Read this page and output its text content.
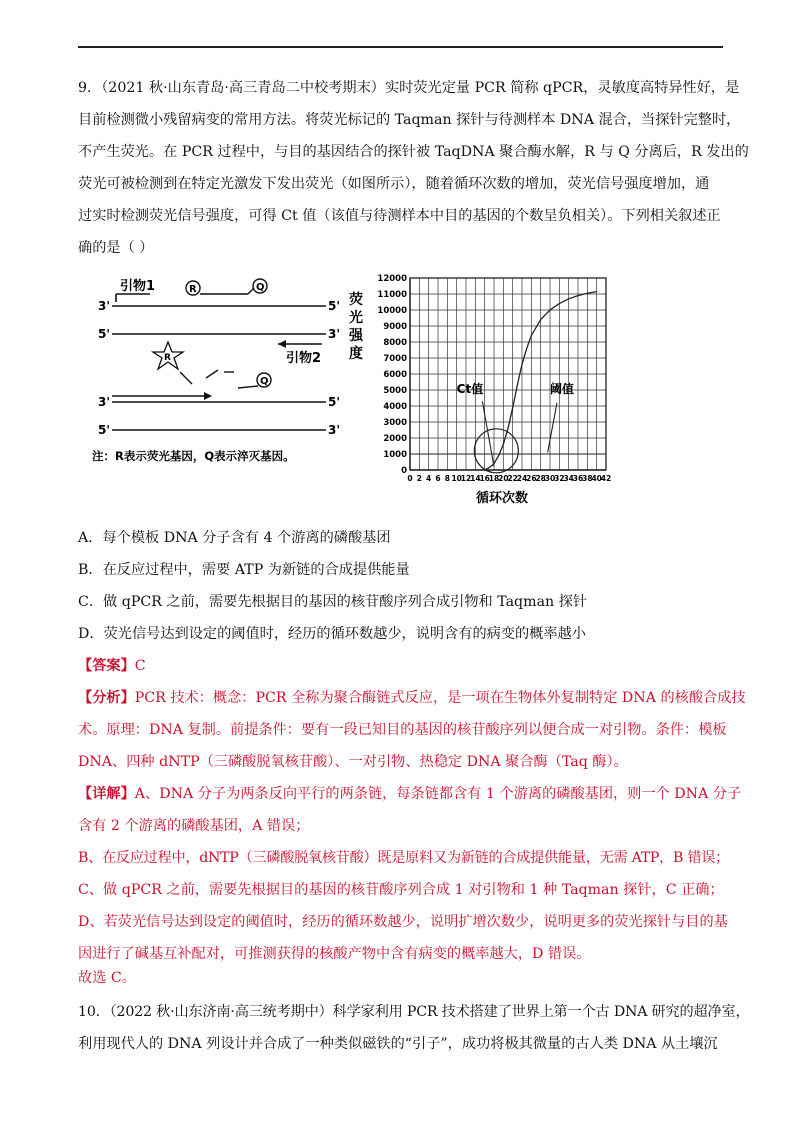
9．（2021 秋·山东青岛·高三青岛二中校考期末）实时荧光定量 PCR 简称 qPCR，灵敏度高特异性好，是
目前检测微小残留病变的常用方法。将荧光标记的 Taqman 探针与待测样本 DNA 混合，当探针完整时，
不产生荧光。在 PCR 过程中，与目的基因结合的探针被 TaqDNA 聚合酶水解，R 与 Q 分离后，R 发出的
荧光可被检测到在特定光激发下发出荧光（如图所示），随着循环次数的增加，荧光信号强度增加，通
过实时检测荧光信号强度，可得 Ct 值（该值与待测样本中目的基因的个数呈负相关）。下列相关叙述正
确的是（ ）
引物1	R	Q
3'	5'
5'	3'
引物2
R
Q
3'	5'
5'	3'
注：R表示荧光基因，Q表示淬灭基因。
荧
光
强
度
0
1000
2000
3000
4000
5000
6000
7000
8000
9000
10000
11000
12000
0 2 4 6 8 10
12
14
16
18
20
22
24
26
28
30
32
34
36
38
40
42
Ct值	阈值
循环次数
A．每个模板 DNA 分子含有 4 个游离的磷酸基团
B．在反应过程中，需要 ATP 为新链的合成提供能量
C．做 qPCR 之前，需要先根据目的基因的核苷酸序列合成引物和 Taqman 探针
D．荧光信号达到设定的阈值时，经历的循环数越少，说明含有的病变的概率越小
【答案】C
【分析】PCR 技术：概念：PCR 全称为聚合酶链式反应，是一项在生物体外复制特定 DNA 的核酸合成技
术。原理：DNA 复制。前提条件：要有一段已知目的基因的核苷酸序列以便合成一对引物。条件：模板
DNA、四种 dNTP（三磷酸脱氧核苷酸）、一对引物、热稳定 DNA 聚合酶（Taq 酶）。
【详解】A、DNA 分子为两条反向平行的两条链，每条链都含有 1 个游离的磷酸基团，则一个 DNA 分子
含有 2 个游离的磷酸基团，A 错误；
B、在反应过程中，dNTP（三磷酸脱氧核苷酸）既是原料又为新链的合成提供能量，无需 ATP，B 错误；
C、做 qPCR 之前，需要先根据目的基因的核苷酸序列合成 1 对引物和 1 种 Taqman 探针，C 正确；
D、若荧光信号达到设定的阈值时，经历的循环数越少，说明扩增次数少，说明更多的荧光探针与目的基
因进行了碱基互补配对，可推测获得的核酸产物中含有病变的概率越大，D 错误。
故选 C。
10．（2022 秋·山东济南·高三统考期中）科学家利用 PCR 技术搭建了世界上第一个古 DNA 研究的超净室，
利用现代人的 DNA 列设计并合成了一种类似磁铁的“引子”，成功将极其微量的古人类 DNA 从土壤沉
